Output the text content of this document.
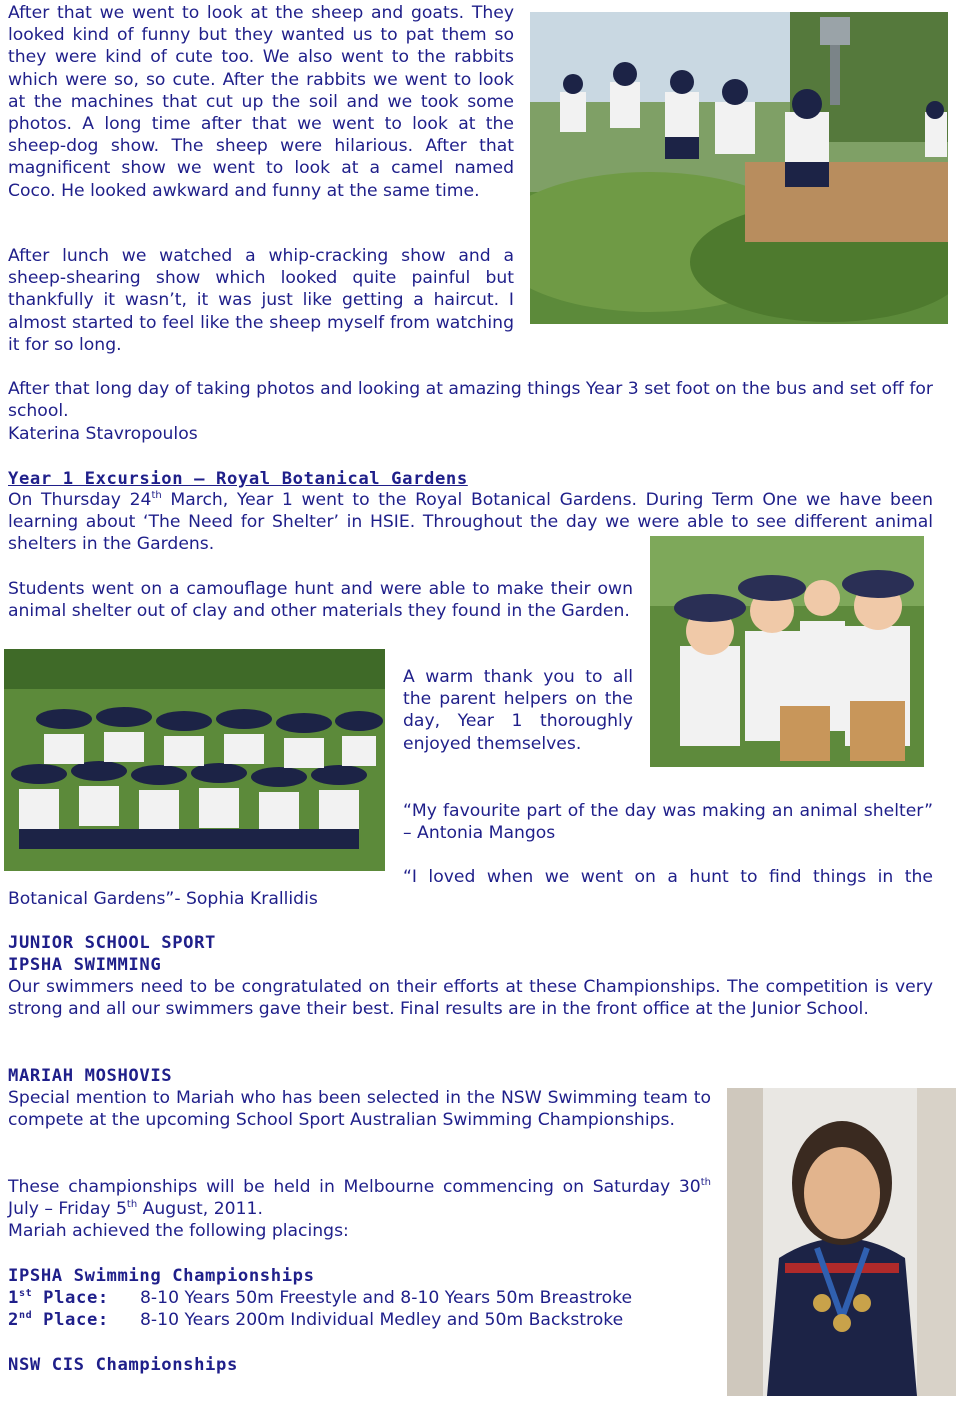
After that we went to look at the sheep and goats. They looked kind of funny but they wanted us to pat them so they were kind of cute too. We also went to the rabbits which were so, so cute. After the rabbits we went to look at the machines that cut up the soil and we took some photos. A long time after that we went to look at the sheep-dog show. The sheep were hilarious. After that magnificent show we went to look at a camel named Coco. He looked awkward and funny at the same time.

After lunch we watched a whip-cracking show and a sheep-shearing show which looked quite painful but thankfully it wasn’t, it was just like getting a haircut. I almost started to feel like the sheep myself from watching it for so long.

After that long day of taking photos and looking at amazing things Year 3 set foot on the bus and set off for school.

Katerina Stavropoulos

Year 1 Excursion – Royal Botanical Gardens

On Thursday 24th March, Year 1 went to the Royal Botanical Gardens. During Term One we have been learning about ‘The Need for Shelter’ in HSIE. Throughout the day we were able to see different animal shelters in the Gardens.

Students went on a camouflage hunt and were able to make their own animal shelter out of clay and other materials they found in the Garden.

A warm thank you to all the parent helpers on the day, Year 1 thoroughly enjoyed themselves.

“My favourite part of the day was making an animal shelter” – Antonia Mangos

“I loved when we went on a hunt to find things in the

Botanical Gardens”- Sophia Krallidis

JUNIOR SCHOOL SPORT

IPSHA SWIMMING

Our swimmers need to be congratulated on their efforts at these Championships. The competition is very strong and all our swimmers gave their best. Final results are in the front office at the Junior School.

MARIAH MOSHOVIS

Special mention to Mariah who has been selected in the NSW Swimming team to compete at the upcoming School Sport Australian Swimming Championships.

These championships will be held in Melbourne commencing on Saturday 30th July – Friday 5th August, 2011.

Mariah achieved the following placings:

IPSHA Swimming Championships

1st Place: 8-10 Years 50m Freestyle and 8-10 Years 50m Breastroke

2nd Place: 8-10 Years 200m Individual Medley and 50m Backstroke

NSW CIS Championships
